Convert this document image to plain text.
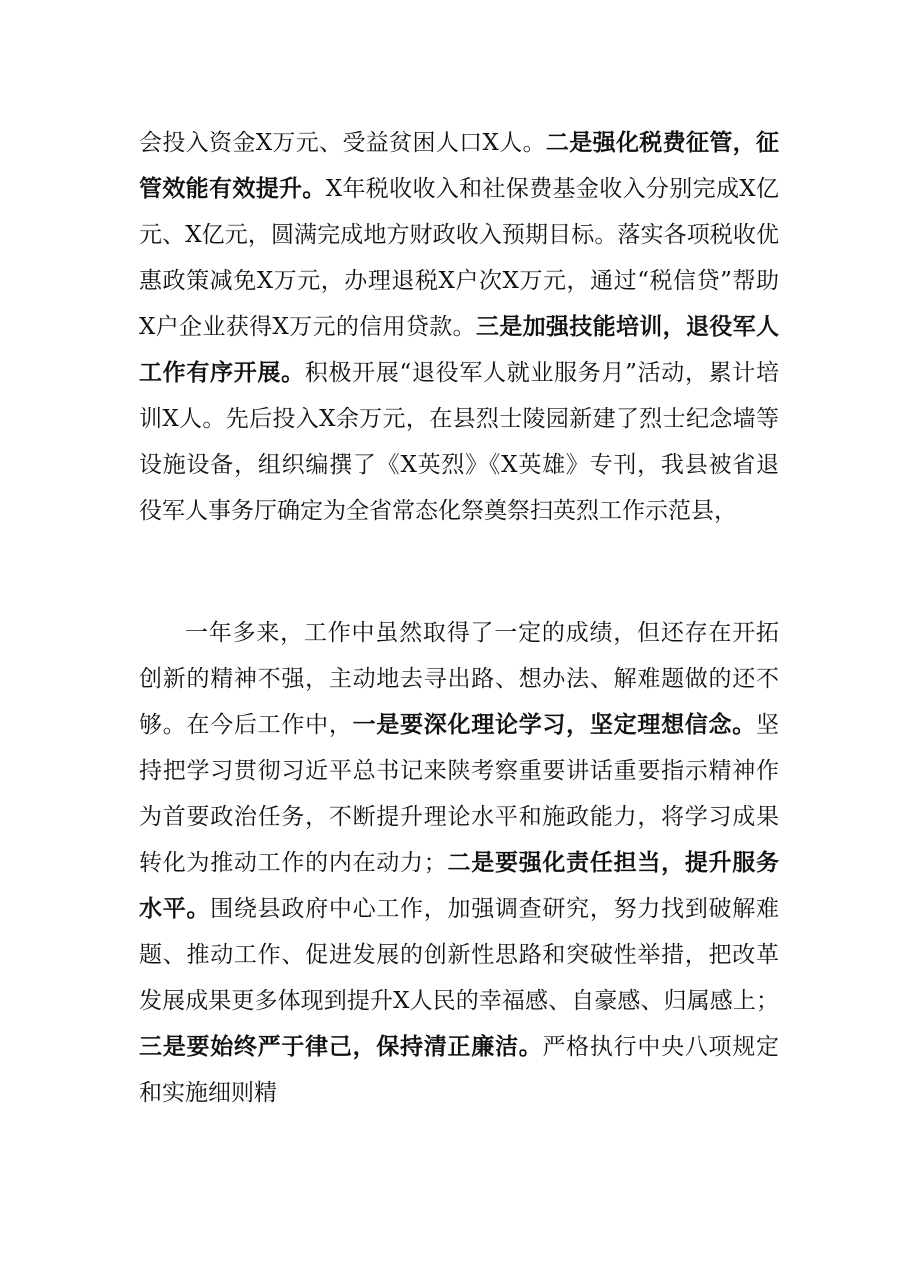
会投入资金X万元、受益贫困人口X人。二是强化税费征管，征管效能有效提升。X年税收收入和社保费基金收入分别完成X亿元、X亿元，圆满完成地方财政收入预期目标。落实各项税收优惠政策减免X万元，办理退税X户次X万元，通过“税信贷”帮助X户企业获得X万元的信用贷款。三是加强技能培训，退役军人工作有序开展。积极开展“退役军人就业服务月”活动，累计培训X人。先后投入X余万元，在县烈士陵园新建了烈士纪念墙等设施设备，组织编撰了《X英烈》《X英雄》专刊，我县被省退役军人事务厅确定为全省常态化祭奠祭扫英烈工作示范县，

一年多来，工作中虽然取得了一定的成绩，但还存在开拓创新的精神不强，主动地去寻出路、想办法、解难题做的还不够。在今后工作中，一是要深化理论学习，坚定理想信念。坚持把学习贯彻习近平总书记来陕考察重要讲话重要指示精神作为首要政治任务，不断提升理论水平和施政能力，将学习成果转化为推动工作的内在动力；二是要强化责任担当，提升服务水平。围绕县政府中心工作，加强调查研究，努力找到破解难题、推动工作、促进发展的创新性思路和突破性举措，把改革发展成果更多体现到提升X人民的幸福感、自豪感、归属感上；三是要始终严于律己，保持清正廉洁。严格执行中央八项规定和实施细则精
